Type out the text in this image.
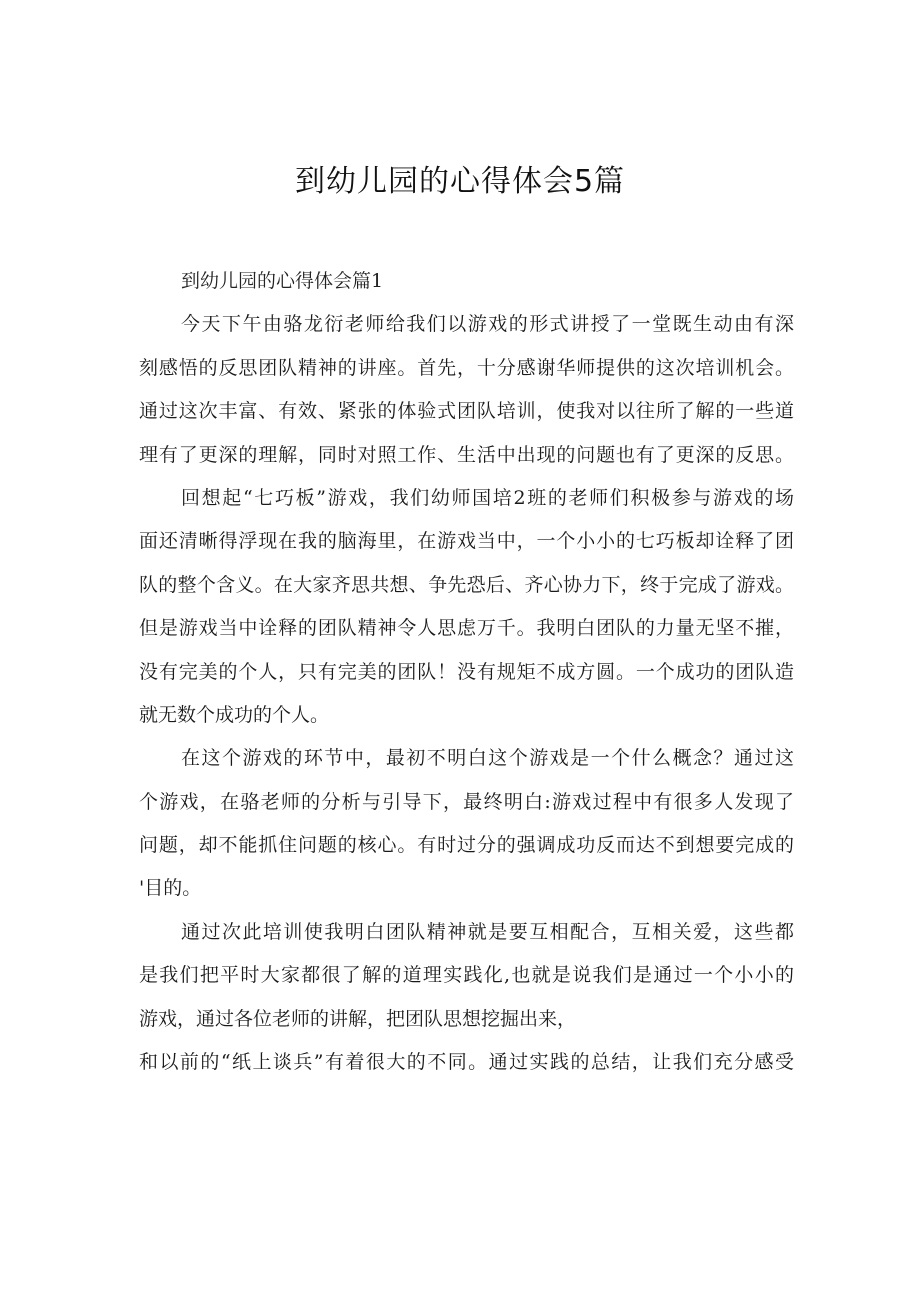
到幼儿园的心得体会5篇
到幼儿园的心得体会篇1
今天下午由骆龙衍老师给我们以游戏的形式讲授了一堂既生动由有深
刻感悟的反思团队精神的讲座。首先，十分感谢华师提供的这次培训机会。
通过这次丰富、有效、紧张的体验式团队培训，使我对以往所了解的一些道
理有了更深的理解，同时对照工作、生活中出现的问题也有了更深的反思。
回想起“七巧板”游戏，我们幼师国培2班的老师们积极参与游戏的场
面还清晰得浮现在我的脑海里，在游戏当中，一个小小的七巧板却诠释了团
队的整个含义。在大家齐思共想、争先恐后、齐心协力下，终于完成了游戏。
但是游戏当中诠释的团队精神令人思虑万千。我明白团队的力量无坚不摧，
没有完美的个人，只有完美的团队！没有规矩不成方圆。一个成功的团队造
就无数个成功的个人。
在这个游戏的环节中，最初不明白这个游戏是一个什么概念？通过这
个游戏，在骆老师的分析与引导下，最终明白:游戏过程中有很多人发现了
问题，却不能抓住问题的核心。有时过分的强调成功反而达不到想要完成的
'目的。
通过次此培训使我明白团队精神就是要互相配合，互相关爱，这些都
是我们把平时大家都很了解的道理实践化,也就是说我们是通过一个小小的
游戏，通过各位老师的讲解，把团队思想挖掘出来，
和以前的“纸上谈兵”有着很大的不同。通过实践的总结，让我们充分感受
